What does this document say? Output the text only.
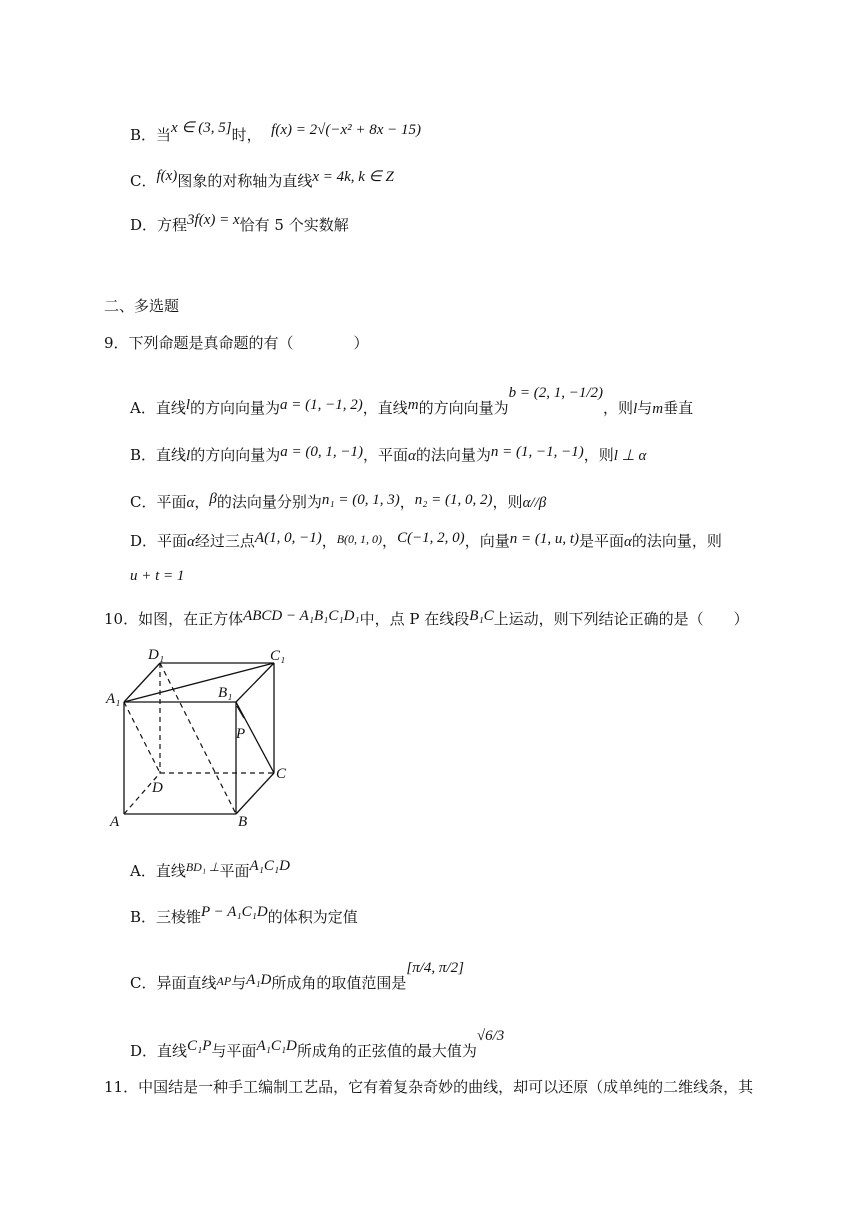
B．当x ∈ (3, 5]时， f(x) = 2√(−x² + 8x − 15)
C．f(x)图象的对称轴为直线x = 4k, k ∈ Z
D．方程3f(x) = x恰有 5 个实数解
二、多选题
9．下列命题是真命题的有（　　　　）
A．直线l的方向向量为a = (1, −1, 2)，直线m的方向向量为b = (2, 1, −1/2)，则l与m垂直
B．直线l的方向向量为a = (0, 1, −1)，平面α的法向量为n = (1, −1, −1)，则l ⊥ α
C．平面α，β的法向量分别为n₁ = (0, 1, 3)，n₂ = (1, 0, 2)，则α//β
D．平面α经过三点A(1, 0, −1)，$^{B(0, 1, 0)}$，C(−1, 2, 0)，向量n = (1, u, t)是平面α的法向量，则
u + t = 1
10．如图，在正方体ABCD − A₁B₁C₁D₁中，点 P 在线段B₁C上运动，则下列结论正确的是（　　）
D₁	C₁
A₁	B₁
P
C
D
A	B
A．直线$^{BD_1 \perp}$平面A₁C₁D
B．三棱锥P − A₁C₁D的体积为定值
C．异面直线$^{AP}$与A₁D所成角的取值范围是[π/4, π/2]
D．直线C₁P与平面A₁C₁D所成角的正弦值的最大值为√6/3
11．中国结是一种手工编制工艺品，它有着复杂奇妙的曲线，却可以还原（成单纯的二维线条，其
